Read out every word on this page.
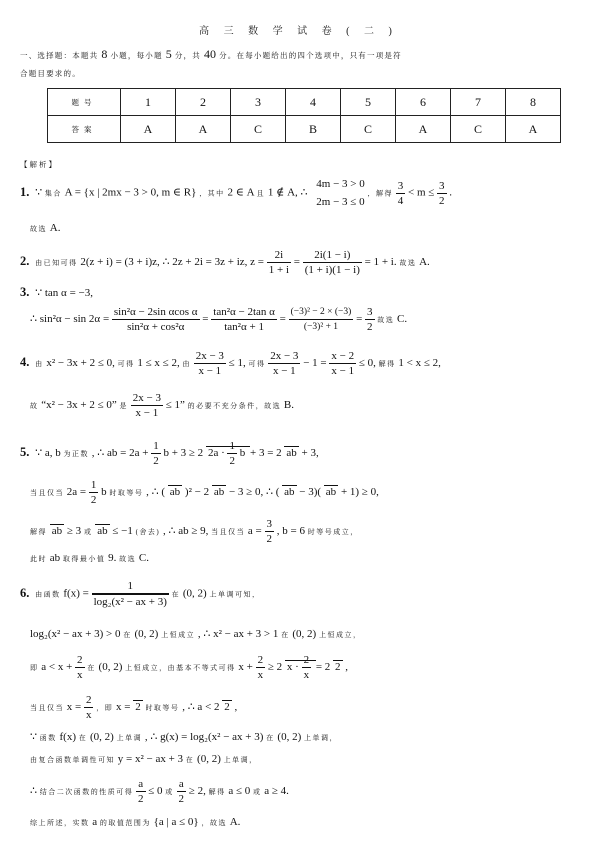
高 三 数 学 试 卷 ( 二 )
一、选择题：本题共 8 小题，每小题 5 分，共 40 分。在每小题给出的四个选项中，只有一项是符
合题目要求的。
题号	1	2	3	4	5	6	7	8
答案	A	A	C	B	C	A	C	A
【解析】
1. ∵ 集合 A = {x | 2mx − 3 > 0, m ∈ R} ，其中 2 ∈ A 且 1 ∉ A, ∴
4m − 3 > 0
2m − 3 ≤ 0
，解得 $\frac{3}{4} < m \le \frac{3}{2}$ .
故选 A.
2. 由已知可得 2(z + i) = (3 + i)z, ∴ 2z + 2i = 3z + iz, $z = \frac{2i}{1 + i} = \frac{2i(1 - i)}{(1 + i)(1 - i)} = 1 + i$. 故选 A.
3. ∵ tan α = −3,
∴ $\sin^2\alpha - \sin 2\alpha = \frac{\text{sin²α − 2sin αcos α}}{\text{sin²α + cos²α}} = \frac{\text{tan²α − 2tan α}}{\text{tan²α + 1}} = \frac{\text{(−3)² − 2 × (−3)}}{\text{(−3)² + 1}} = \frac{3}{2}$ 故选 C.
4. 由 x² − 3x + 2 ≤ 0, 可得 1 ≤ x ≤ 2, 由 $\frac{2x - 3}{x - 1} \le 1$, 可得 $\frac{2x - 3}{x - 1} - 1 = \frac{x - 2}{x - 1} \le 0$, 解得 1 < x ≤ 2,
故 “x² − 3x + 2 ≤ 0” 是 $\frac{2x - 3}{x - 1} \le 1$” 的必要不充分条件，故选 B.
5. ∵ a, b 为正数 , ∴ ab = $2a + \frac{1}{2}$ b + 3 ≥ 2 $2a \cdot \frac{1}{2}$ b + 3 = 2 ab + 3,
当且仅当 $2a = \frac{1}{2}$ b 时取等号 , ∴ ( ab )² − 2 ab − 3 ≥ 0, ∴ ( ab − 3)( ab + 1) ≥ 0,
解得 ab ≥ 3 或 ab ≤ −1 (舍去) , ∴ ab ≥ 9, 当且仅当 $a = \frac{3}{2}$ , b = 6 时等号成立，
此时 ab 取得最小值 9. 故选 C.
6. 由函数 $f(x) = \frac{1}{\text{log₂(x² − ax + 3)}}$ 在 (0, 2) 上单调可知，
log₂(x² − ax + 3) > 0 在 (0, 2) 上恒成立 , ∴ x² − ax + 3 > 1 在 (0, 2) 上恒成立，
即 $a < x + \frac{2}{x}$ 在 (0, 2) 上恒成立，由基本不等式可得 $x + \frac{2}{x} \ge 2$ $x \cdot \frac{2}{x} = 2$ 2 ,
当且仅当 $x = \frac{2}{x}$ ，即 x = 2 时取等号 , ∴ a < 2 2 ,
∵ 函数 f(x) 在 (0, 2) 上单调 , ∴ g(x) = log₂(x² − ax + 3) 在 (0, 2) 上单调，
由复合函数单调性可知 y = x² − ax + 3 在 (0, 2) 上单调，
∴ 结合二次函数的性质可得 $\frac{a}{2} \le 0$ 或 $\frac{a}{2} \ge 2$, 解得 a ≤ 0 或 a ≥ 4.
综上所述，实数 a 的取值范围为 {a | a ≤ 0} ，故选 A.
